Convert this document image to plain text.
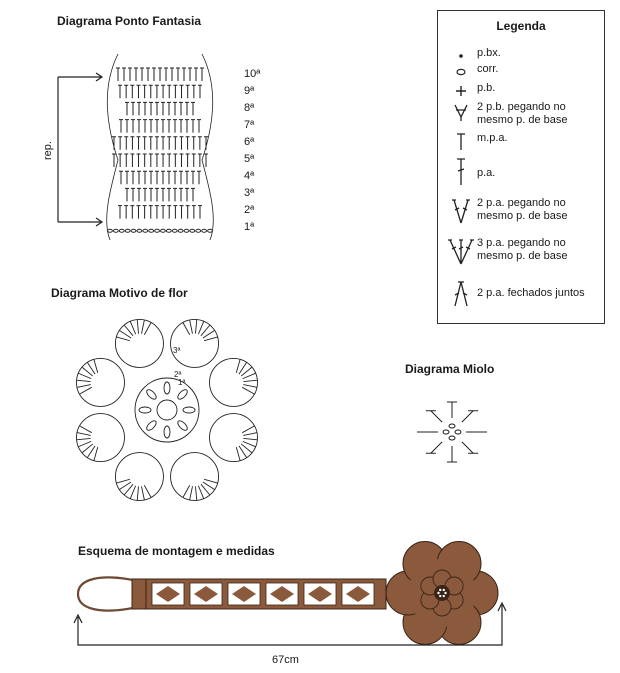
Diagrama Ponto Fantasia
Diagrama Motivo de flor
Diagrama Miolo
Esquema de montagem e medidas
Legenda
p.bx.
corr.
p.b.
2 p.b. pegando no mesmo p. de base
m.p.a.
p.a.
2 p.a. pegando no mesmo p. de base
3 p.a. pegando no mesmo p. de base
2 p.a. fechados juntos
rep.
10ª
9ª
8ª
7ª
6ª
5ª
4ª
3ª
2ª
1ª
3ª
2ª
1ª
67cm
